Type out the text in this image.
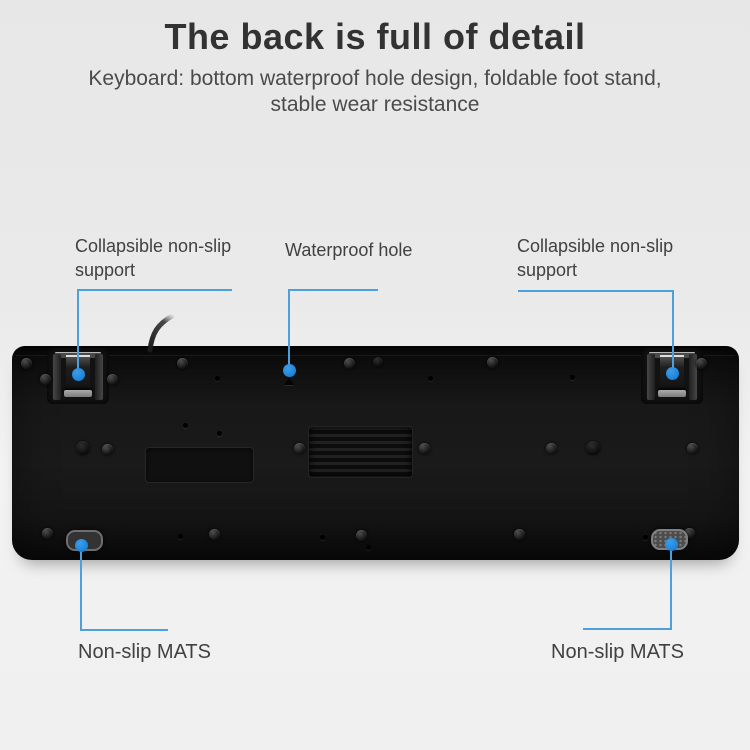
The back is full of detail
Keyboard: bottom waterproof hole design, foldable foot stand,
stable wear resistance
Collapsible non-slip support
Waterproof hole	Collapsible non-slip support
Non-slip MATS	Non-slip MATS
